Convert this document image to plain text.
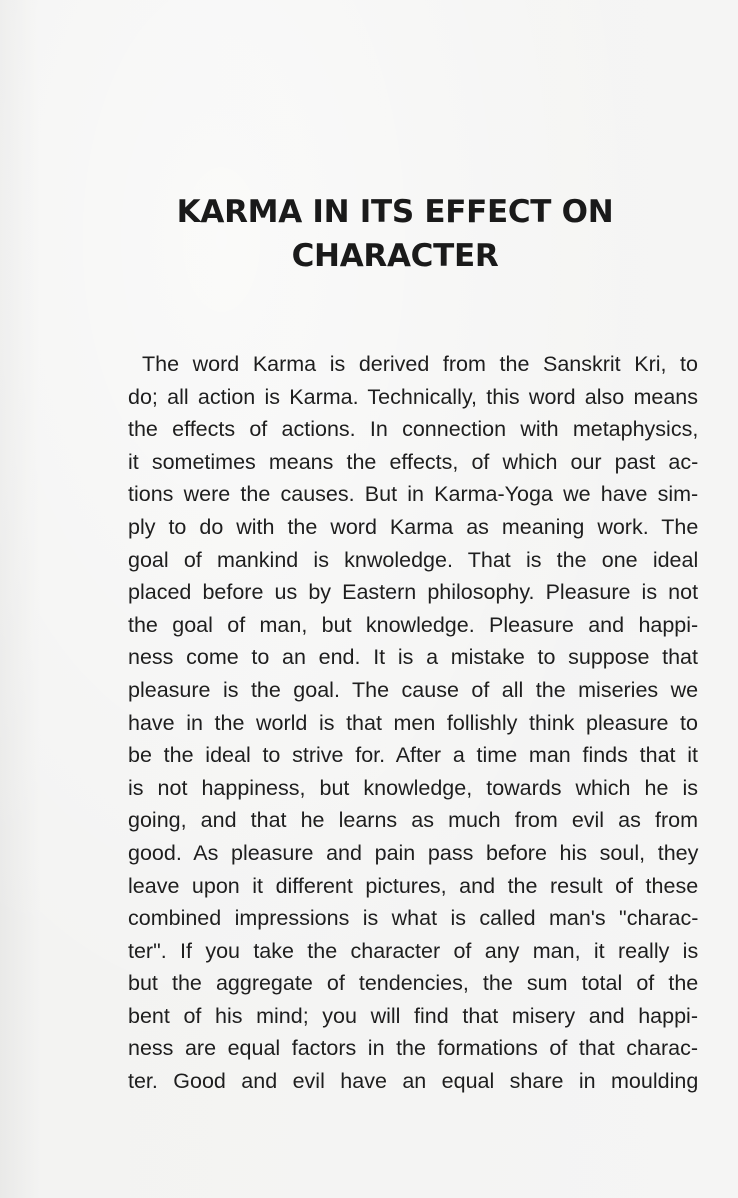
KARMA IN ITS EFFECT ON
CHARACTER
The word Karma is derived from the Sanskrit Kri, to
do; all action is Karma. Technically, this word also means
the effects of actions. In connection with metaphysics,
it sometimes means the effects, of which our past ac-
tions were the causes. But in Karma-Yoga we have sim-
ply to do with the word Karma as meaning work. The
goal of mankind is knwoledge. That is the one ideal
placed before us by Eastern philosophy. Pleasure is not
the goal of man, but knowledge. Pleasure and happi-
ness come to an end. It is a mistake to suppose that
pleasure is the goal. The cause of all the miseries we
have in the world is that men follishly think pleasure to
be the ideal to strive for. After a time man finds that it
is not happiness, but knowledge, towards which he is
going, and that he learns as much from evil as from
good. As pleasure and pain pass before his soul, they
leave upon it different pictures, and the result of these
combined impressions is what is called man's "charac-
ter". If you take the character of any man, it really is
but the aggregate of tendencies, the sum total of the
bent of his mind; you will find that misery and happi-
ness are equal factors in the formations of that charac-
ter. Good and evil have an equal share in moulding
